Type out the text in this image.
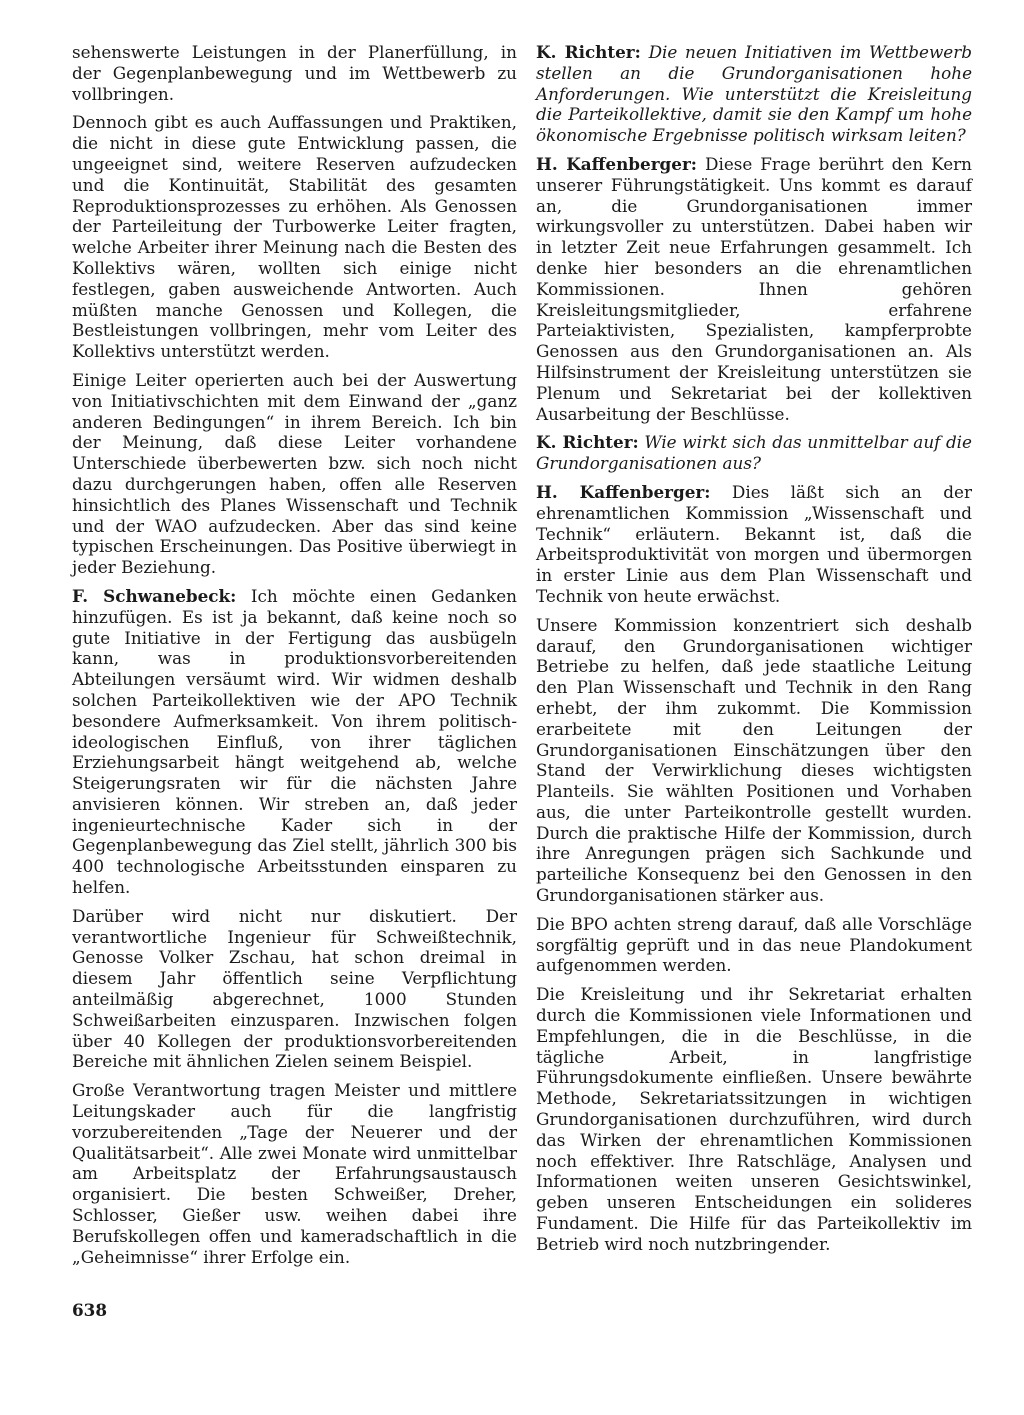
sehenswerte Leistungen in der Planerfüllung, in der Gegenplanbewegung und im Wettbewerb zu vollbringen.

Dennoch gibt es auch Auffassungen und Praktiken, die nicht in diese gute Entwicklung passen, die ungeeignet sind, weitere Reserven aufzudecken und die Kontinuität, Stabilität des gesamten Reproduktionsprozesses zu erhöhen. Als Genossen der Parteileitung der Turbowerke Leiter fragten, welche Arbeiter ihrer Meinung nach die Besten des Kollektivs wären, wollten sich einige nicht festlegen, gaben ausweichende Antworten. Auch müßten manche Genossen und Kollegen, die Bestleistungen vollbringen, mehr vom Leiter des Kollektivs unterstützt werden.

Einige Leiter operierten auch bei der Auswertung von Initiativschichten mit dem Einwand der „ganz anderen Bedingungen“ in ihrem Bereich. Ich bin der Meinung, daß diese Leiter vorhandene Unterschiede überbewerten bzw. sich noch nicht dazu durchgerungen haben, offen alle Reserven hinsichtlich des Planes Wissenschaft und Technik und der WAO aufzudecken. Aber das sind keine typischen Erscheinungen. Das Positive überwiegt in jeder Beziehung.

F. Schwanebeck: Ich möchte einen Gedanken hinzufügen. Es ist ja bekannt, daß keine noch so gute Initiative in der Fertigung das ausbügeln kann, was in produktionsvorbereitenden Abteilungen versäumt wird. Wir widmen deshalb solchen Parteikollektiven wie der APO Technik besondere Aufmerksamkeit. Von ihrem politisch-ideologischen Einfluß, von ihrer täglichen Erziehungsarbeit hängt weitgehend ab, welche Steigerungsraten wir für die nächsten Jahre anvisieren können. Wir streben an, daß jeder ingenieurtechnische Kader sich in der Gegenplanbewegung das Ziel stellt, jährlich 300 bis 400 technologische Arbeitsstunden einsparen zu helfen.

Darüber wird nicht nur diskutiert. Der verantwortliche Ingenieur für Schweißtechnik, Genosse Volker Zschau, hat schon dreimal in diesem Jahr öffentlich seine Verpflichtung anteilmäßig abgerechnet, 1000 Stunden Schweißarbeiten einzusparen. Inzwischen folgen über 40 Kollegen der produktionsvorbereitenden Bereiche mit ähnlichen Zielen seinem Beispiel.

Große Verantwortung tragen Meister und mittlere Leitungskader auch für die langfristig vorzubereitenden „Tage der Neuerer und der Qualitätsarbeit“. Alle zwei Monate wird unmittelbar am Arbeitsplatz der Erfahrungsaustausch organisiert. Die besten Schweißer, Dreher, Schlosser, Gießer usw. weihen dabei ihre Berufskollegen offen und kameradschaftlich in die „Geheimnisse“ ihrer Erfolge ein.

K. Richter: Die neuen Initiativen im Wettbewerb stellen an die Grundorganisationen hohe Anforderungen. Wie unterstützt die Kreisleitung die Parteikollektive, damit sie den Kampf um hohe ökonomische Ergebnisse politisch wirksam leiten?

H. Kaffenberger: Diese Frage berührt den Kern unserer Führungstätigkeit. Uns kommt es darauf an, die Grundorganisationen immer wirkungsvoller zu unterstützen. Dabei haben wir in letzter Zeit neue Erfahrungen gesammelt. Ich denke hier besonders an die ehrenamtlichen Kommissionen. Ihnen gehören Kreisleitungsmitglieder, erfahrene Parteiaktivisten, Spezialisten, kampferprobte Genossen aus den Grundorganisationen an. Als Hilfsinstrument der Kreisleitung unterstützen sie Plenum und Sekretariat bei der kollektiven Ausarbeitung der Beschlüsse.

K. Richter: Wie wirkt sich das unmittelbar auf die Grundorganisationen aus?

H. Kaffenberger: Dies läßt sich an der ehrenamtlichen Kommission „Wissenschaft und Technik“ erläutern. Bekannt ist, daß die Arbeitsproduktivität von morgen und übermorgen in erster Linie aus dem Plan Wissenschaft und Technik von heute erwächst.

Unsere Kommission konzentriert sich deshalb darauf, den Grundorganisationen wichtiger Betriebe zu helfen, daß jede staatliche Leitung den Plan Wissenschaft und Technik in den Rang erhebt, der ihm zukommt. Die Kommission erarbeitete mit den Leitungen der Grundorganisationen Einschätzungen über den Stand der Verwirklichung dieses wichtigsten Planteils. Sie wählten Positionen und Vorhaben aus, die unter Parteikontrolle gestellt wurden. Durch die praktische Hilfe der Kommission, durch ihre Anregungen prägen sich Sachkunde und parteiliche Konsequenz bei den Genossen in den Grundorganisationen stärker aus.

Die BPO achten streng darauf, daß alle Vorschläge sorgfältig geprüft und in das neue Plandokument aufgenommen werden.

Die Kreisleitung und ihr Sekretariat erhalten durch die Kommissionen viele Informationen und Empfehlungen, die in die Beschlüsse, in die tägliche Arbeit, in langfristige Führungsdokumente einfließen. Unsere bewährte Methode, Sekretariatssitzungen in wichtigen Grundorganisationen durchzuführen, wird durch das Wirken der ehrenamtlichen Kommissionen noch effektiver. Ihre Ratschläge, Analysen und Informationen weiten unseren Gesichtswinkel, geben unseren Entscheidungen ein solideres Fundament. Die Hilfe für das Parteikollektiv im Betrieb wird noch nutzbringender.

638
